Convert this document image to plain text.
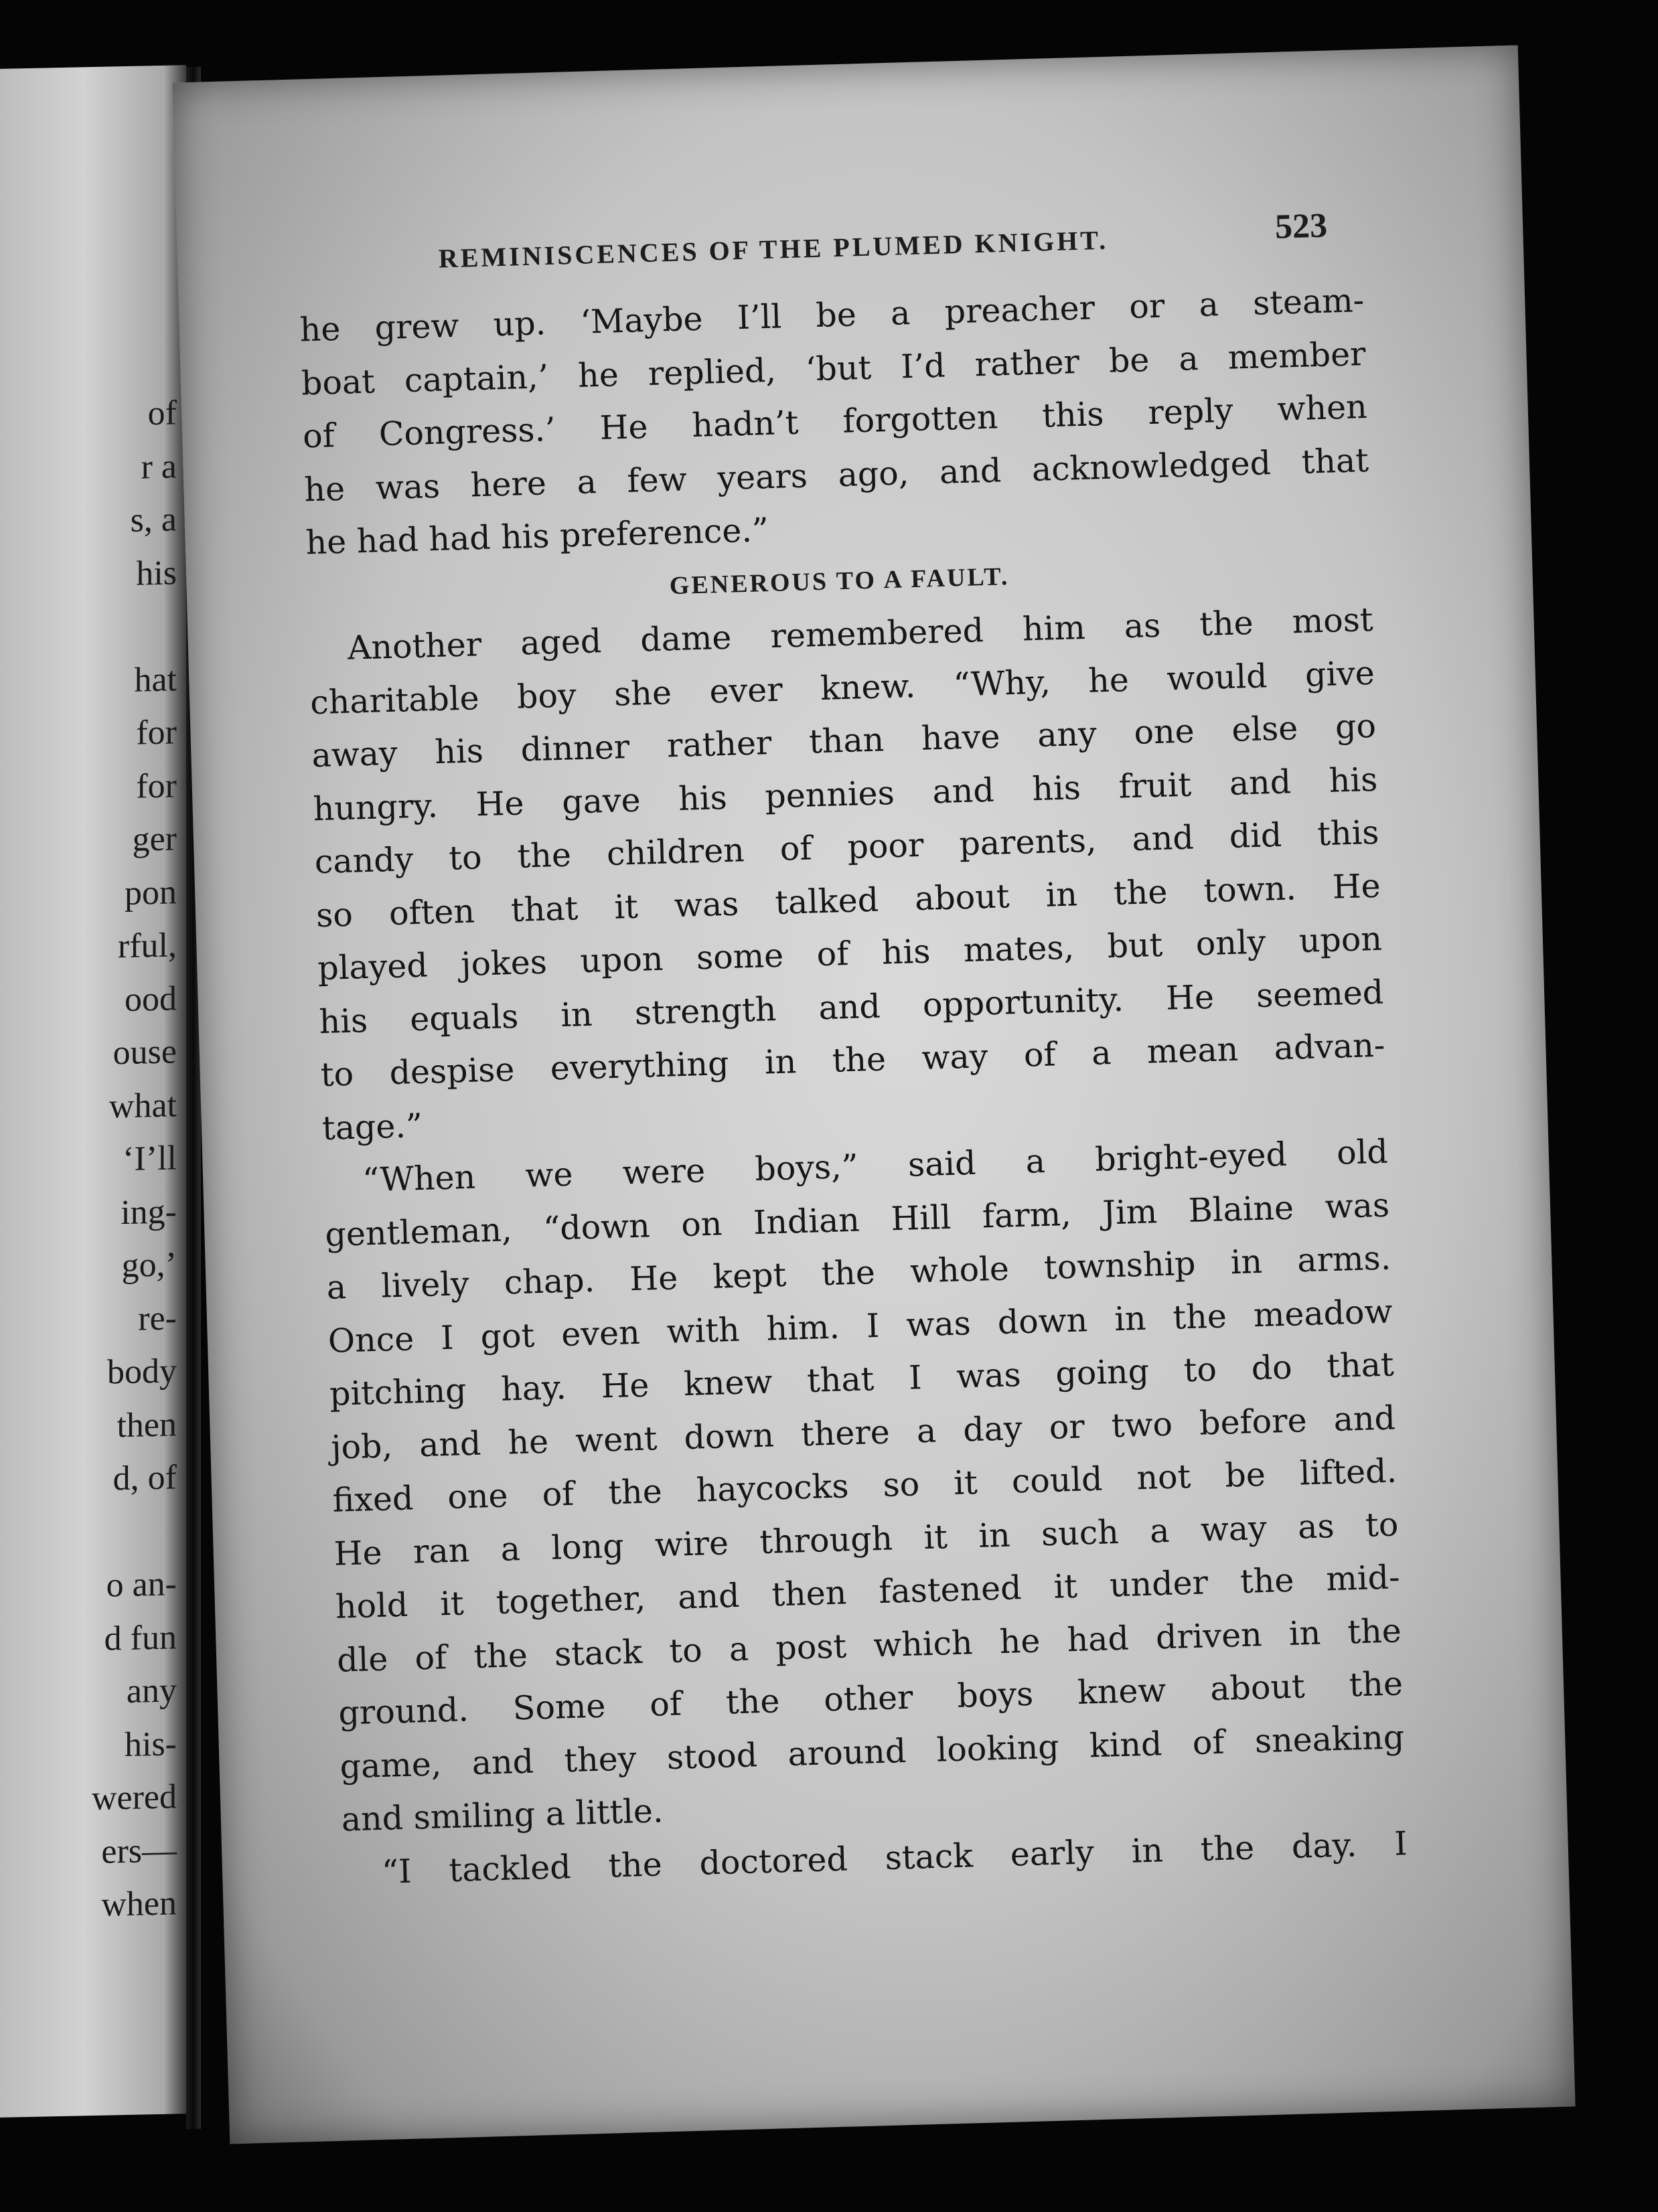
of
r a
s, a
his
hat
for
for
ger
pon
rful,
ood
ouse
what
‘I’ll
ing-
go,’
re-
body
then
d, of
o an-
d fun
any
his-
wered
ers—
when
REMINISCENCES OF THE PLUMED KNIGHT.	523
he grew up. ‘Maybe I’ll be a preacher or a steam-
boat captain,’ he replied, ‘but I’d rather be a member
of Congress.’ He hadn’t forgotten this reply when
he was here a few years ago, and acknowledged that
he had had his preference.”
GENEROUS TO A FAULT.
Another aged dame remembered him as the most
charitable boy she ever knew. “Why, he would give
away his dinner rather than have any one else go
hungry. He gave his pennies and his fruit and his
candy to the children of poor parents, and did this
so often that it was talked about in the town. He
played jokes upon some of his mates, but only upon
his equals in strength and opportunity. He seemed
to despise everything in the way of a mean advan-
tage.”
“When we were boys,” said a bright-eyed old
gentleman, “down on Indian Hill farm, Jim Blaine was
a lively chap. He kept the whole township in arms.
Once I got even with him. I was down in the meadow
pitching hay. He knew that I was going to do that
job, and he went down there a day or two before and
fixed one of the haycocks so it could not be lifted.
He ran a long wire through it in such a way as to
hold it together, and then fastened it under the mid-
dle of the stack to a post which he had driven in the
ground. Some of the other boys knew about the
game, and they stood around looking kind of sneaking
and smiling a little.
“I tackled the doctored stack early in the day. I
